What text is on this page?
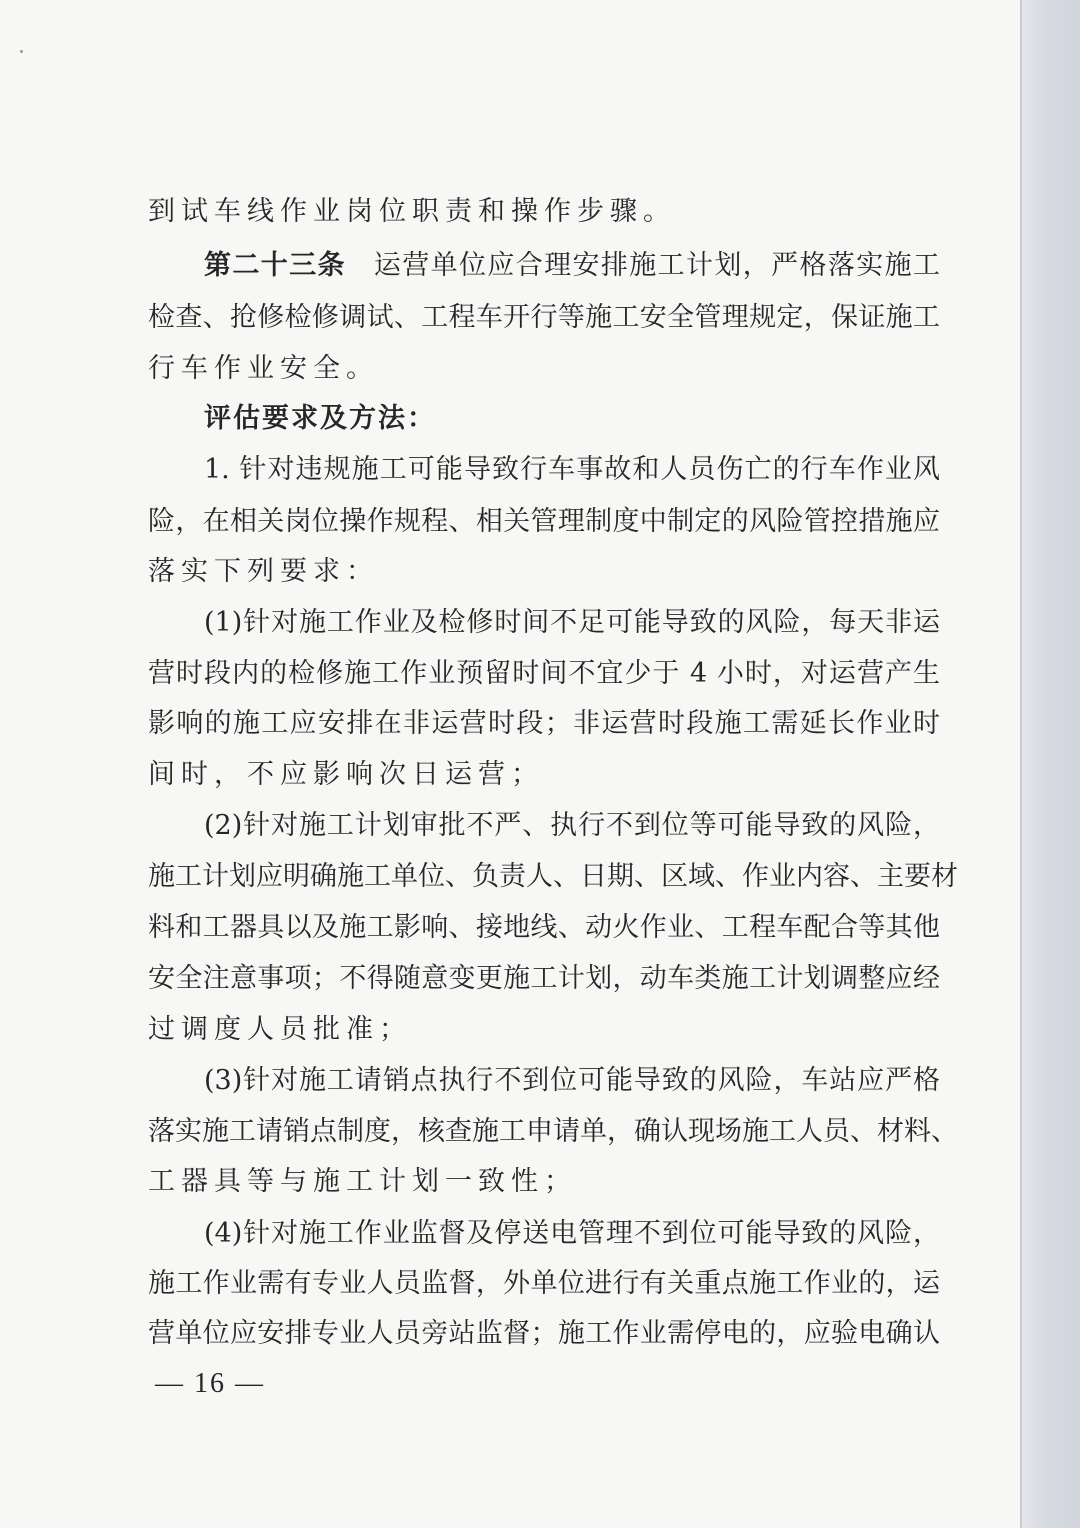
到试车线作业岗位职责和操作步骤。
第二十三条 运营单位应合理安排施工计划，严格落实施工
检查、抢修检修调试、工程车开行等施工安全管理规定，保证施工
行车作业安全。
评估要求及方法：
1. 针对违规施工可能导致行车事故和人员伤亡的行车作业风
险，在相关岗位操作规程、相关管理制度中制定的风险管控措施应
落实下列要求：
(1)针对施工作业及检修时间不足可能导致的风险，每天非运
营时段内的检修施工作业预留时间不宜少于 4 小时，对运营产生
影响的施工应安排在非运营时段；非运营时段施工需延长作业时
间时，不应影响次日运营；
(2)针对施工计划审批不严、执行不到位等可能导致的风险，
施工计划应明确施工单位、负责人、日期、区域、作业内容、主要材
料和工器具以及施工影响、接地线、动火作业、工程车配合等其他
安全注意事项；不得随意变更施工计划，动车类施工计划调整应经
过调度人员批准；
(3)针对施工请销点执行不到位可能导致的风险，车站应严格
落实施工请销点制度，核查施工申请单，确认现场施工人员、材料、
工器具等与施工计划一致性；
(4)针对施工作业监督及停送电管理不到位可能导致的风险，
施工作业需有专业人员监督，外单位进行有关重点施工作业的，运
营单位应安排专业人员旁站监督；施工作业需停电的，应验电确认
— 16 —
